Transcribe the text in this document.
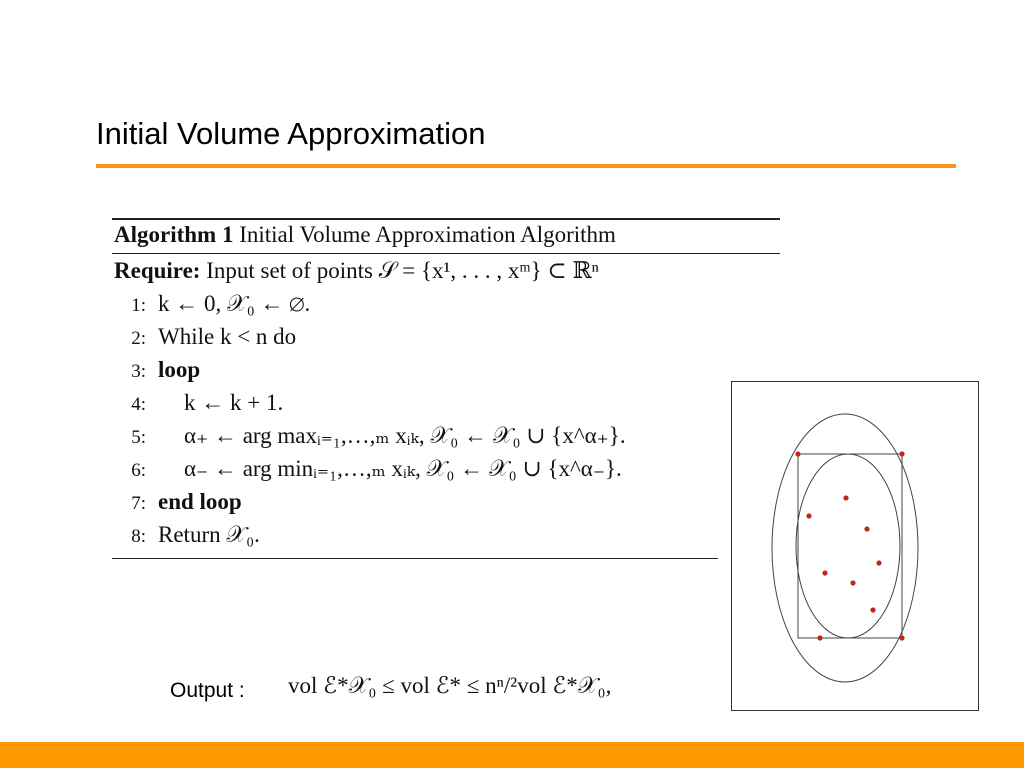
Initial Volume Approximation
Algorithm 1 Initial Volume Approximation Algorithm
Require: Input set of points 𝒮 = {x¹, . . . , xᵐ} ⊂ ℝⁿ
1: k ← 0, 𝒳₀ ← ∅.
2: While k < n do
3: loop
4: k ← k + 1.
5: α₊ ← arg maxᵢ₌₁,…,ₘ xᵢₖ, 𝒳₀ ← 𝒳₀ ∪ {x^α₊}.
6: α₋ ← arg minᵢ₌₁,…,ₘ xᵢₖ, 𝒳₀ ← 𝒳₀ ∪ {x^α₋}.
7: end loop
8: Return 𝒳₀.
Output : vol ℰ*𝒳₀ ≤ vol ℰ* ≤ nⁿ/²vol ℰ*𝒳₀,
